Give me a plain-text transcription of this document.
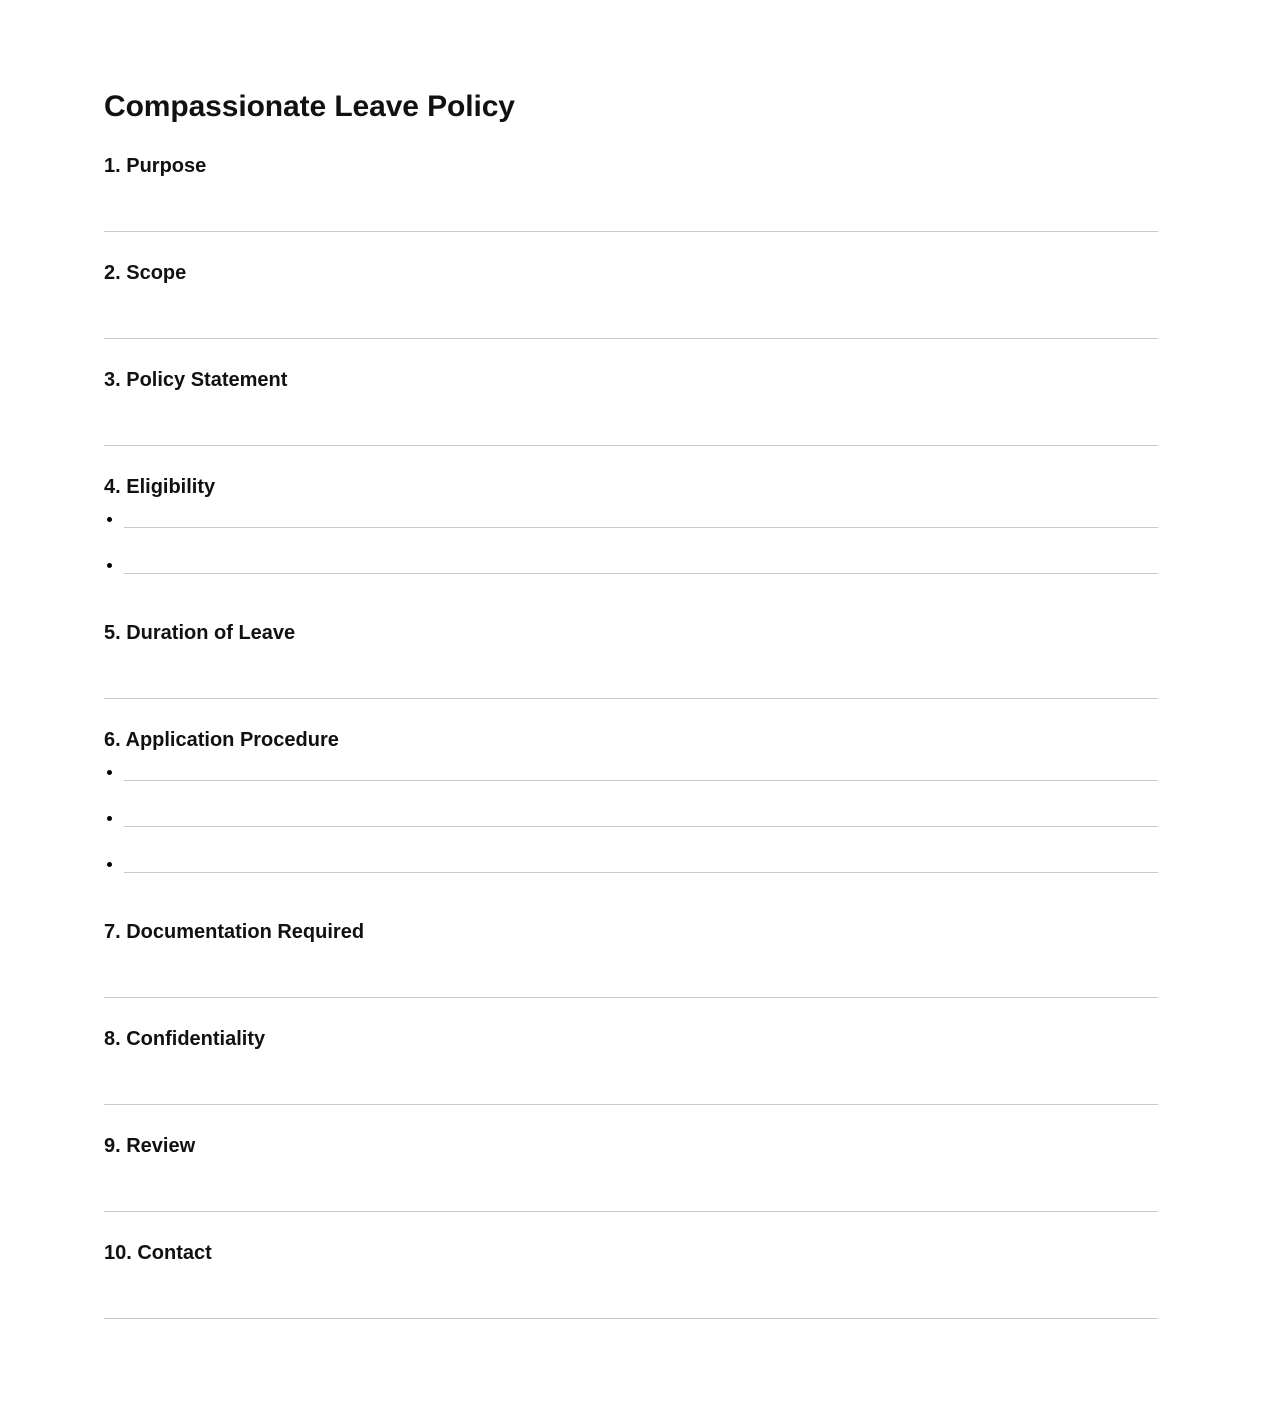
Compassionate Leave Policy
1. Purpose
2. Scope
3. Policy Statement
4. Eligibility
5. Duration of Leave
6. Application Procedure
7. Documentation Required
8. Confidentiality
9. Review
10. Contact
